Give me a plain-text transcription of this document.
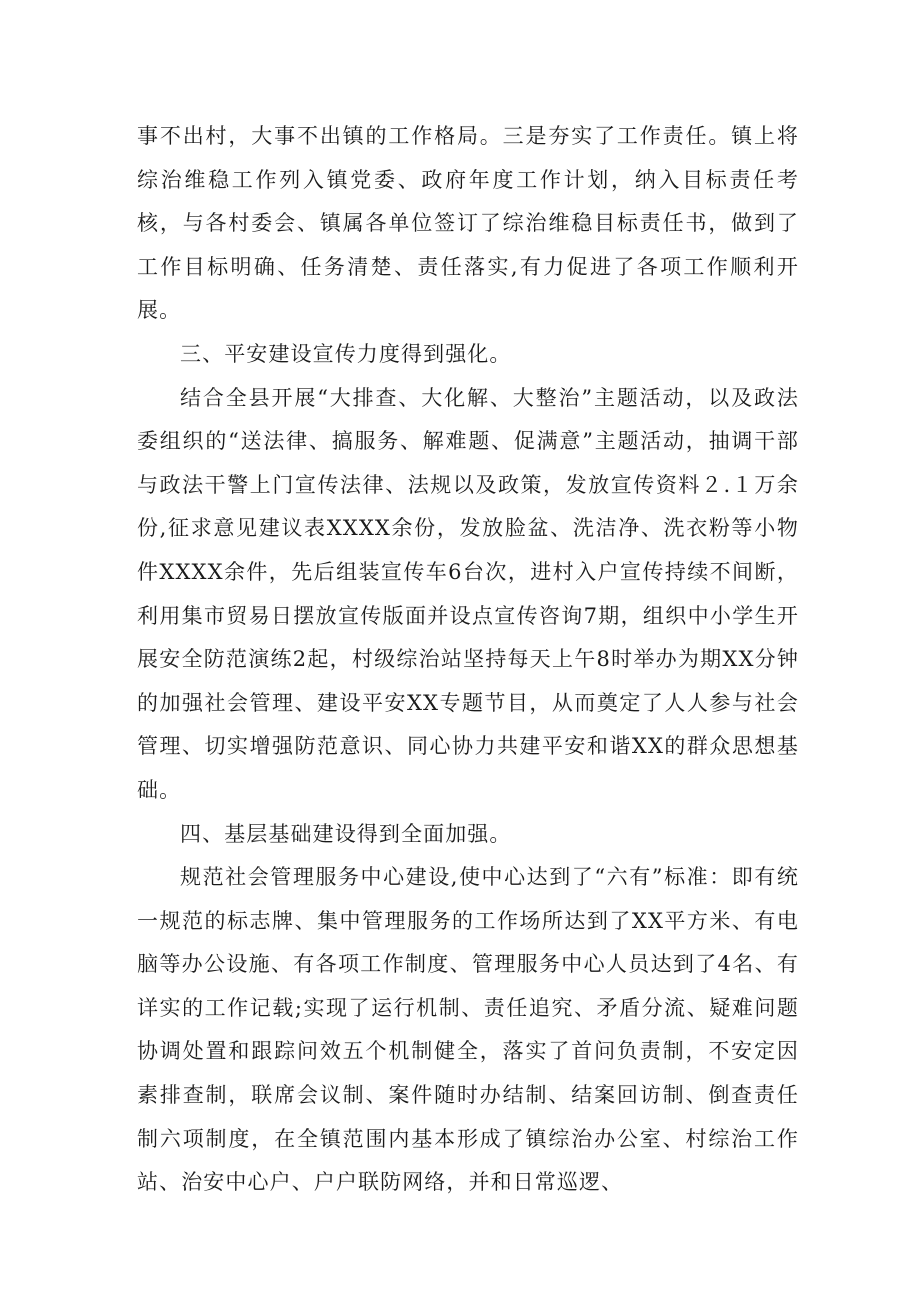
事不出村，大事不出镇的工作格局。三是夯实了工作责任。镇上将综治维稳工作列入镇党委、政府年度工作计划，纳入目标责任考核，与各村委会、镇属各单位签订了综治维稳目标责任书，做到了工作目标明确、任务清楚、责任落实,有力促进了各项工作顺利开展。

三、平安建设宣传力度得到强化。

结合全县开展“大排查、大化解、大整治”主题活动，以及政法委组织的“送法律、搞服务、解难题、促满意”主题活动，抽调干部与政法干警上门宣传法律、法规以及政策，发放宣传资料２.１万余份,征求意见建议表XXXX余份，发放脸盆、洗洁净、洗衣粉等小物件XXXX余件，先后组装宣传车6台次，进村入户宣传持续不间断，利用集市贸易日摆放宣传版面并设点宣传咨询7期，组织中小学生开展安全防范演练2起，村级综治站坚持每天上午8时举办为期XX分钟的加强社会管理、建设平安XX专题节目，从而奠定了人人参与社会管理、切实增强防范意识、同心协力共建平安和谐XX的群众思想基础。

四、基层基础建设得到全面加强。

规范社会管理服务中心建设,使中心达到了“六有”标准：即有统一规范的标志牌、集中管理服务的工作场所达到了XX平方米、有电脑等办公设施、有各项工作制度、管理服务中心人员达到了4名、有详实的工作记载;实现了运行机制、责任追究、矛盾分流、疑难问题协调处置和跟踪问效五个机制健全，落实了首问负责制，不安定因素排查制，联席会议制、案件随时办结制、结案回访制、倒查责任制六项制度，在全镇范围内基本形成了镇综治办公室、村综治工作站、治安中心户、户户联防网络，并和日常巡逻、
